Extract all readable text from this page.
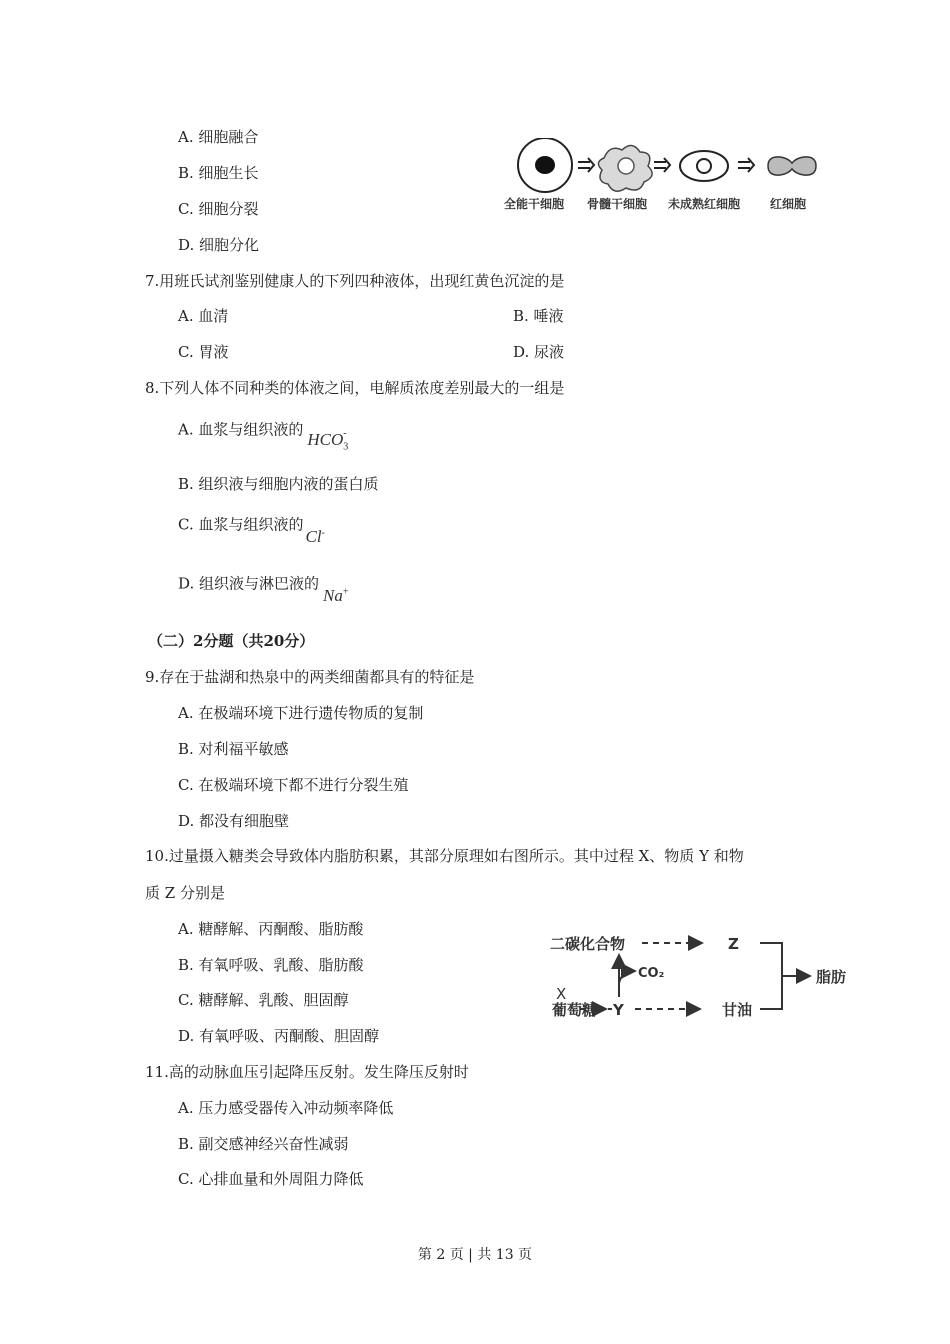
A. 细胞融合
B. 细胞生长
C. 细胞分裂
D. 细胞分化
全能干细胞 骨髓干细胞 未成熟红细胞 红细胞
7.用班氏试剂鉴别健康人的下列四种液体，出现红黄色沉淀的是
A. 血清	B. 唾液
C. 胃液	D. 尿液
8.下列人体不同种类的体液之间，电解质浓度差别最大的一组是
A. 血浆与组织液的 $HCO_3^-$
B. 组织液与细胞内液的蛋白质
C. 血浆与组织液的Cl-
D. 组织液与淋巴液的Na+
（二）2分题（共20分）
9.存在于盐湖和热泉中的两类细菌都具有的特征是
A. 在极端环境下进行遗传物质的复制
B. 对利福平敏感
C. 在极端环境下都不进行分裂生殖
D. 都没有细胞壁
10.过量摄入糖类会导致体内脂肪积累，其部分原理如右图所示。其中过程 X、物质 Y 和物
质 Z 分别是
A. 糖酵解、丙酮酸、脂肪酸
B. 有氧呼吸、乳酸、脂肪酸
C. 糖酵解、乳酸、胆固醇
D. 有氧呼吸、丙酮酸、胆固醇
二碳化合物	Z
葡萄糖
X
Y
CO₂
甘油
脂肪
11.高的动脉血压引起降压反射。发生降压反射时
A. 压力感受器传入冲动频率降低
B. 副交感神经兴奋性减弱
C. 心排血量和外周阻力降低
第 2 页 | 共 13 页
